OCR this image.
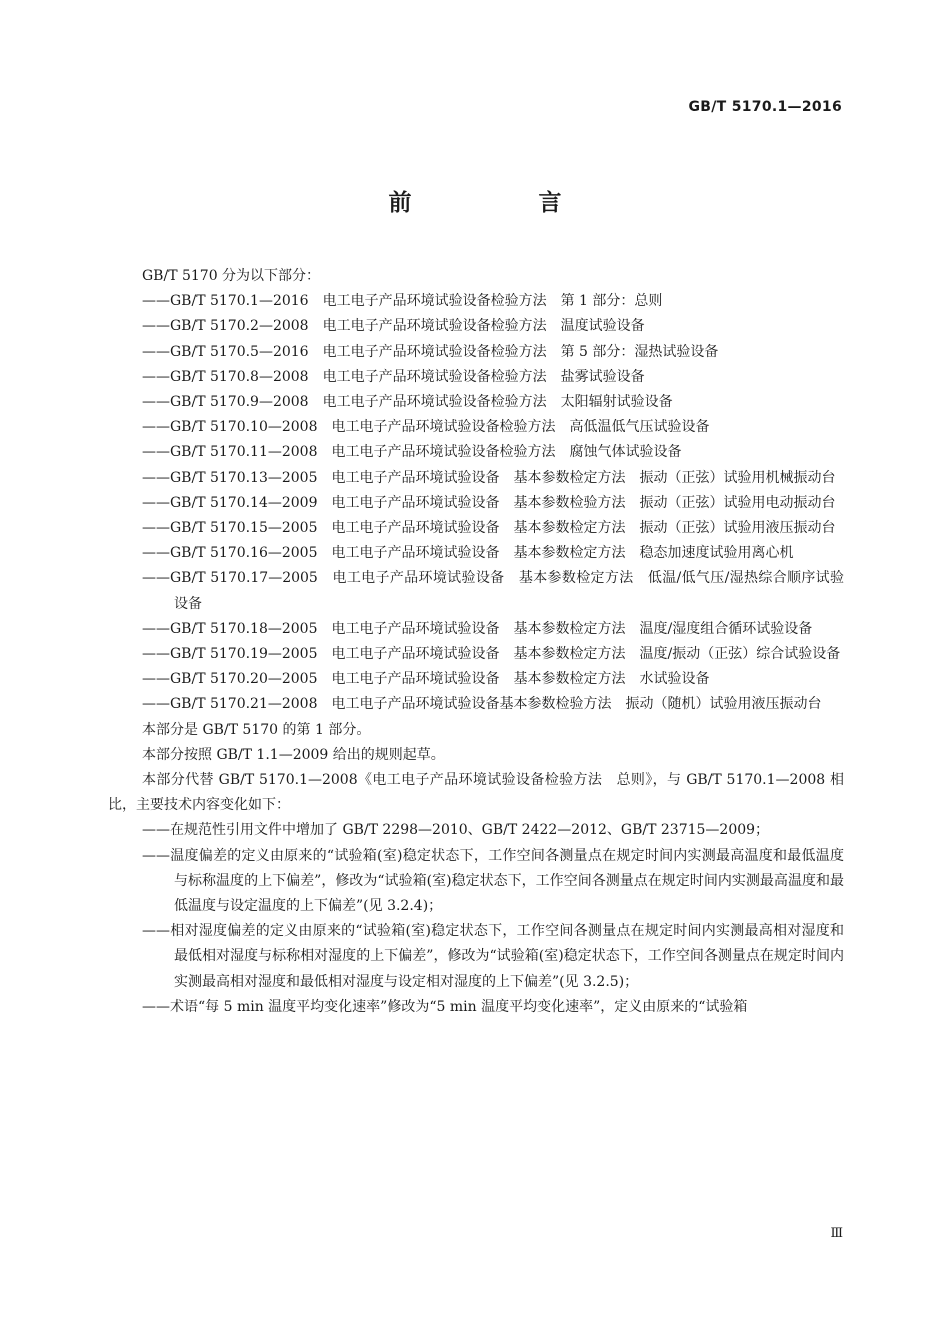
GB/T 5170.1—2016
前　言

GB/T 5170 分为以下部分：

——GB/T 5170.1—2016　电工电子产品环境试验设备检验方法　第 1 部分：总则

——GB/T 5170.2—2008　电工电子产品环境试验设备检验方法　温度试验设备

——GB/T 5170.5—2016　电工电子产品环境试验设备检验方法　第 5 部分：湿热试验设备

——GB/T 5170.8—2008　电工电子产品环境试验设备检验方法　盐雾试验设备

——GB/T 5170.9—2008　电工电子产品环境试验设备检验方法　太阳辐射试验设备

——GB/T 5170.10—2008　电工电子产品环境试验设备检验方法　高低温低气压试验设备

——GB/T 5170.11—2008　电工电子产品环境试验设备检验方法　腐蚀气体试验设备

——GB/T 5170.13—2005　电工电子产品环境试验设备　基本参数检定方法　振动（正弦）试验用机械振动台

——GB/T 5170.14—2009　电工电子产品环境试验设备　基本参数检验方法　振动（正弦）试验用电动振动台

——GB/T 5170.15—2005　电工电子产品环境试验设备　基本参数检定方法　振动（正弦）试验用液压振动台

——GB/T 5170.16—2005　电工电子产品环境试验设备　基本参数检定方法　稳态加速度试验用离心机

——GB/T 5170.17—2005　电工电子产品环境试验设备　基本参数检定方法　低温/低气压/湿热综合顺序试验设备

——GB/T 5170.18—2005　电工电子产品环境试验设备　基本参数检定方法　温度/湿度组合循环试验设备

——GB/T 5170.19—2005　电工电子产品环境试验设备　基本参数检定方法　温度/振动（正弦）综合试验设备

——GB/T 5170.20—2005　电工电子产品环境试验设备　基本参数检定方法　水试验设备

——GB/T 5170.21—2008　电工电子产品环境试验设备基本参数检验方法　振动（随机）试验用液压振动台

本部分是 GB/T 5170 的第 1 部分。

本部分按照 GB/T 1.1—2009 给出的规则起草。

本部分代替 GB/T 5170.1—2008《电工电子产品环境试验设备检验方法　总则》，与 GB/T 5170.1—2008 相比，主要技术内容变化如下：

——在规范性引用文件中增加了 GB/T 2298—2010、GB/T 2422—2012、GB/T 23715—2009；

——温度偏差的定义由原来的“试验箱(室)稳定状态下，工作空间各测量点在规定时间内实测最高温度和最低温度与标称温度的上下偏差”，修改为“试验箱(室)稳定状态下，工作空间各测量点在规定时间内实测最高温度和最低温度与设定温度的上下偏差”(见 3.2.4)；

——相对湿度偏差的定义由原来的“试验箱(室)稳定状态下，工作空间各测量点在规定时间内实测最高相对湿度和最低相对湿度与标称相对湿度的上下偏差”，修改为“试验箱(室)稳定状态下，工作空间各测量点在规定时间内实测最高相对湿度和最低相对湿度与设定相对湿度的上下偏差”(见 3.2.5)；

——术语“每 5 min 温度平均变化速率”修改为“5 min 温度平均变化速率”，定义由原来的“试验箱

Ⅲ
